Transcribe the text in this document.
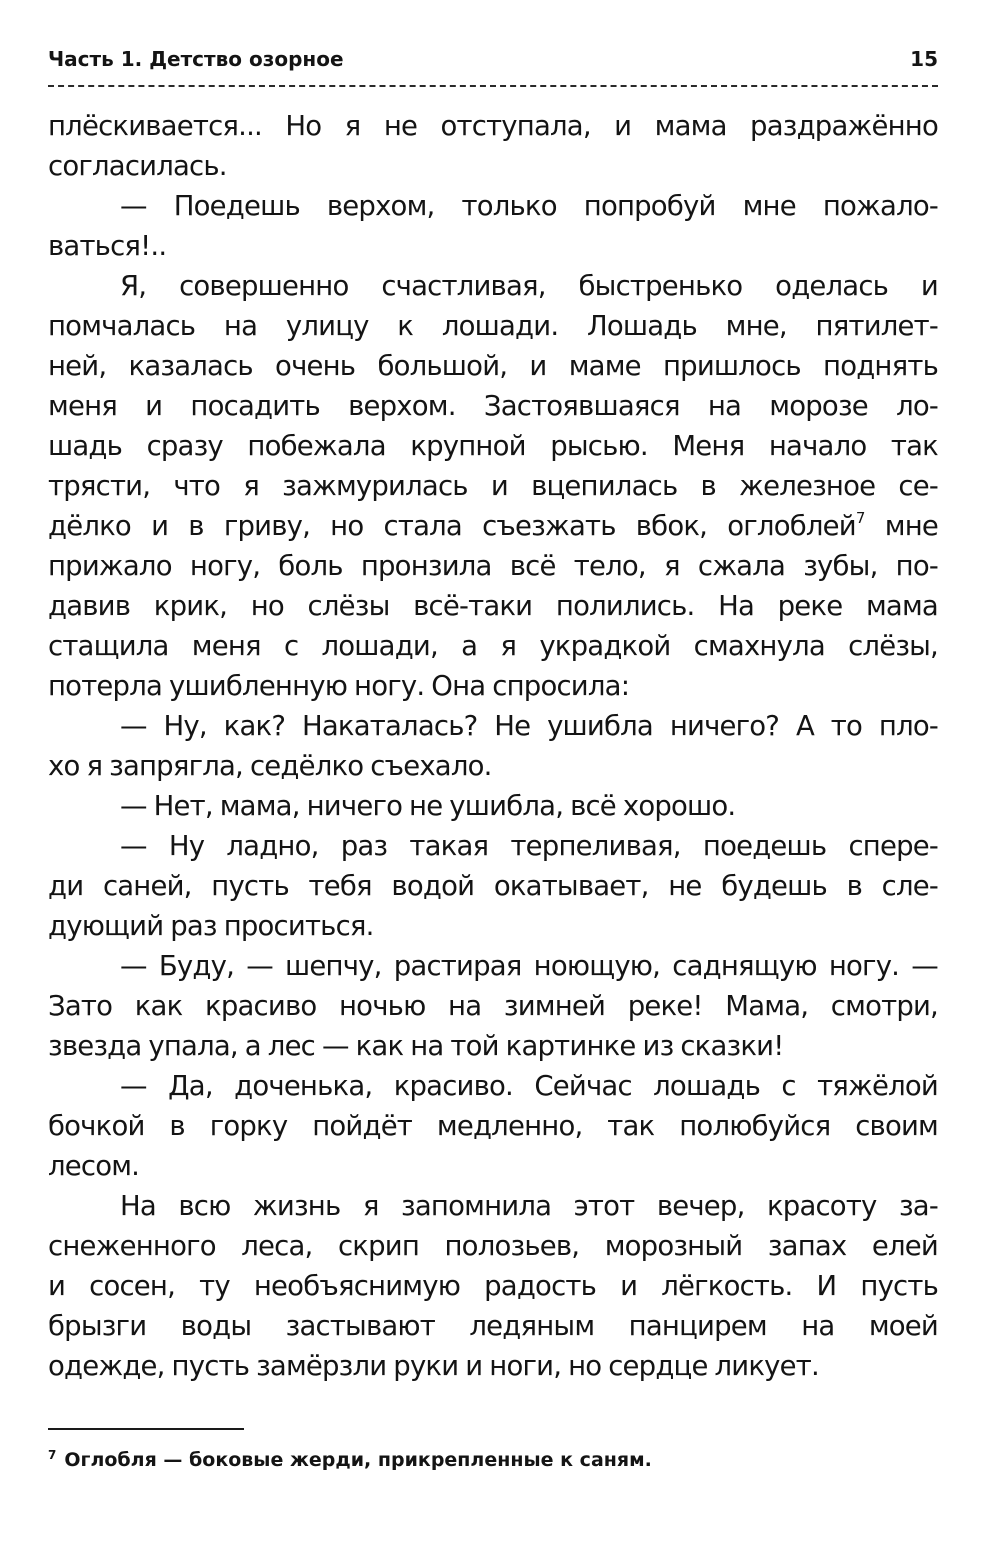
Часть 1. Детство озорное	15
плёскивается... Но я не отступала, и мама раздражённо
согласилась.
— Поедешь верхом, только попробуй мне пожало-
ваться!..
Я, совершенно счастливая, быстренько оделась и
помчалась на улицу к лошади. Лошадь мне, пятилет-
ней, казалась очень большой, и маме пришлось поднять
меня и посадить верхом. Застоявшаяся на морозе ло-
шадь сразу побежала крупной рысью. Меня начало так
трясти, что я зажмурилась и вцепилась в железное се-
дёлко и в гриву, но стала съезжать вбок, оглоблей$^7$ мне
прижало ногу, боль пронзила всё тело, я сжала зубы, по-
давив крик, но слёзы всё-таки полились. На реке мама
стащила меня с лошади, а я украдкой смахнула слёзы,
потерла ушибленную ногу. Она спросила:
— Ну, как? Накаталась? Не ушибла ничего? А то пло-
хо я запрягла, седёлко съехало.
— Нет, мама, ничего не ушибла, всё хорошо.
— Ну ладно, раз такая терпеливая, поедешь спере-
ди саней, пусть тебя водой окатывает, не будешь в сле-
дующий раз проситься.
— Буду, — шепчу, растирая ноющую, саднящую ногу. —
Зато как красиво ночью на зимней реке! Мама, смотри,
звезда упала, а лес — как на той картинке из сказки!
— Да, доченька, красиво. Сейчас лошадь с тяжёлой
бочкой в горку пойдёт медленно, так полюбуйся своим
лесом.
На всю жизнь я запомнила этот вечер, красоту за-
снеженного леса, скрип полозьев, морозный запах елей
и сосен, ту необъяснимую радость и лёгкость. И пусть
брызги воды застывают ледяным панцирем на моей
одежде, пусть замёрзли руки и ноги, но сердце ликует.
$^7$ Оглобля — боковые жерди, прикрепленные к саням.
